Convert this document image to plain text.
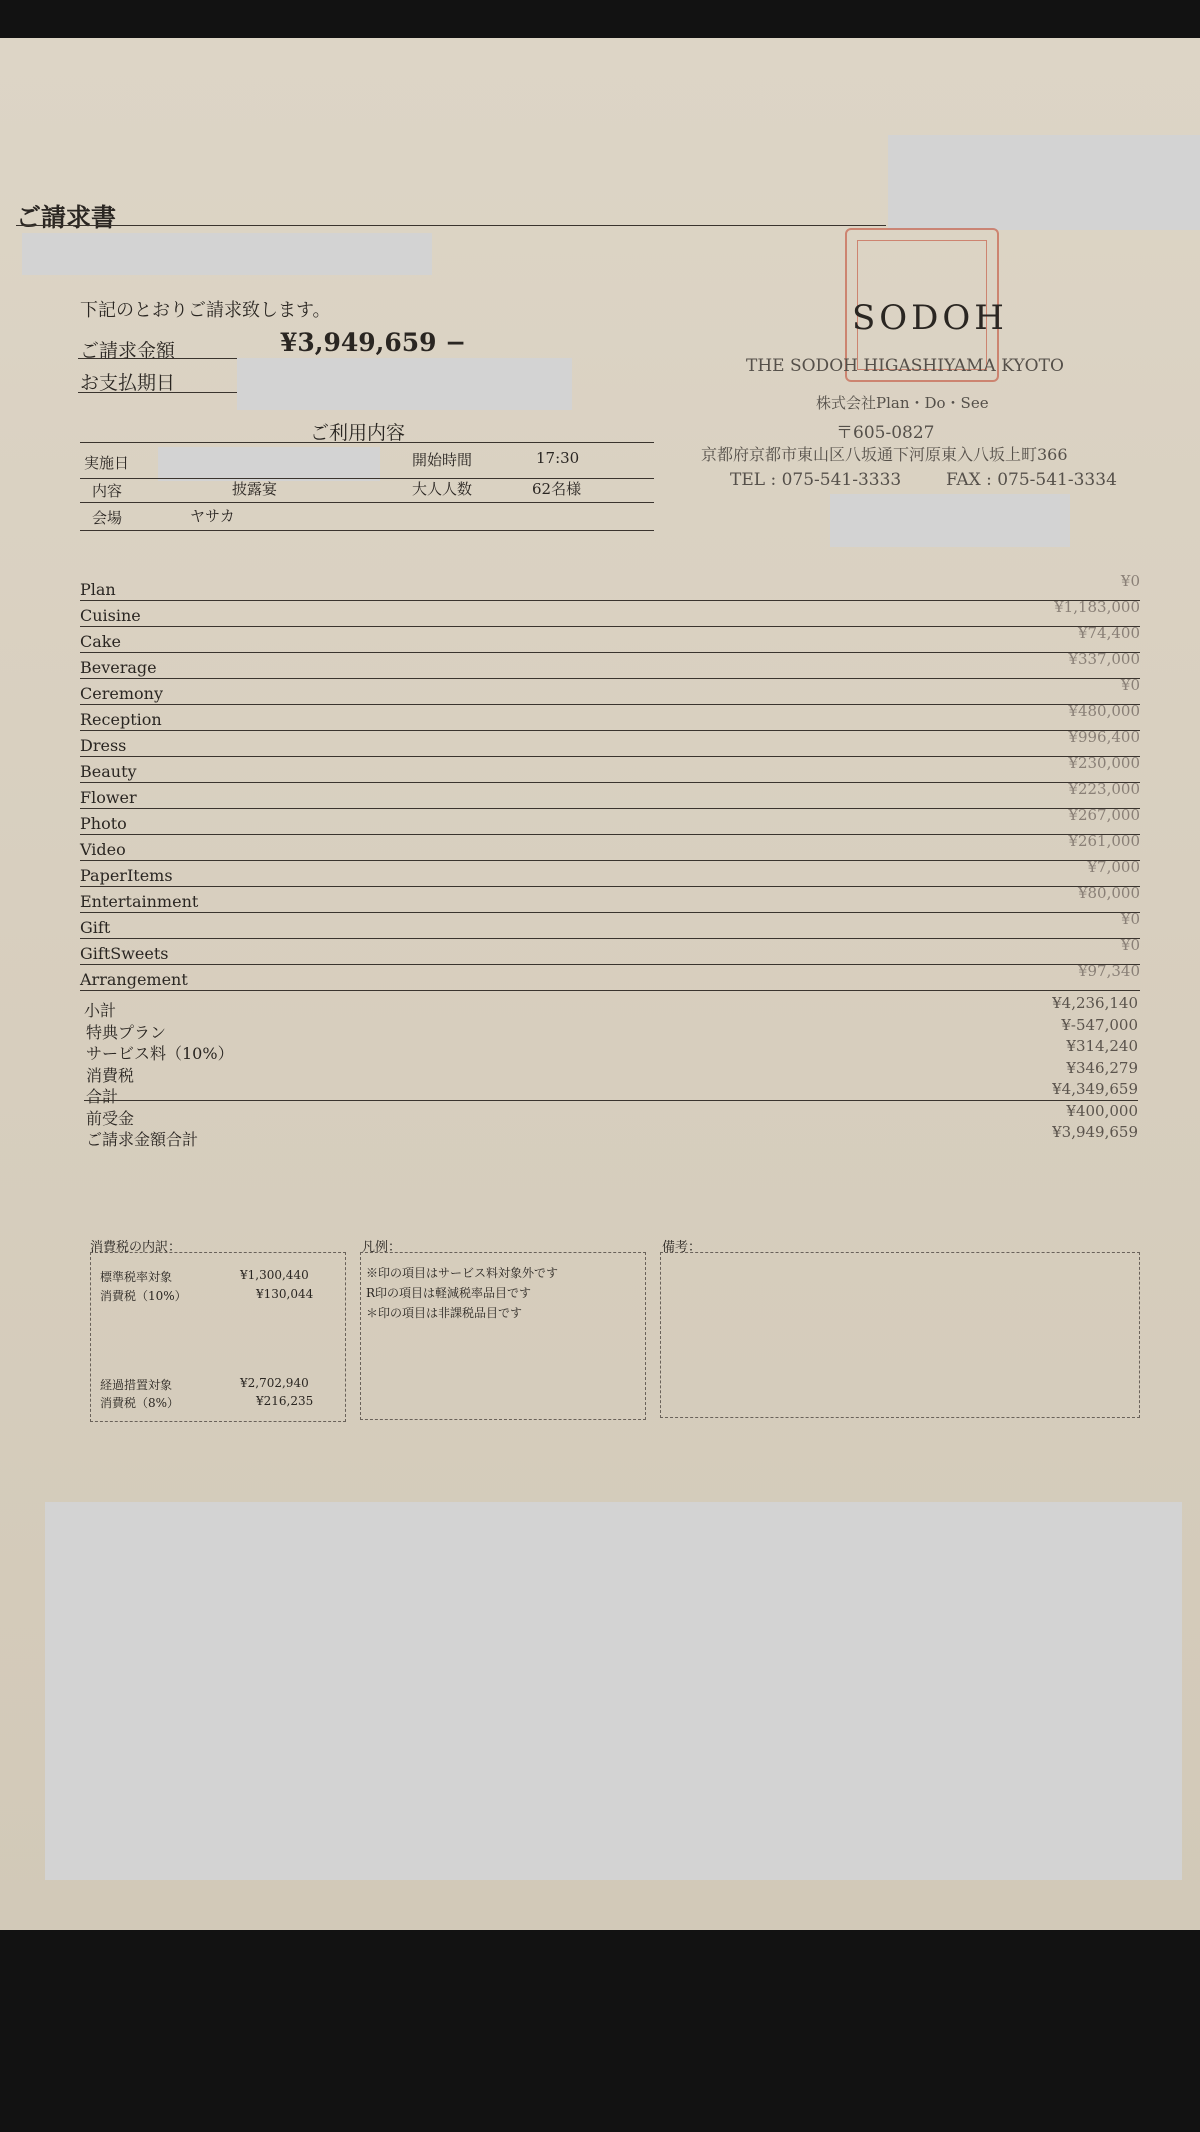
ご請求書
下記のとおりご請求致します。
ご請求金額	¥3,949,659 −
お支払期日
ご利用内容
実施日	開始時間	17:30
内容	披露宴	大人人数	62名様
会場	ヤサカ
SODOH
THE SODOH HIGASHIYAMA KYOTO
株式会社Plan・Do・See
〒605-0827
京都府京都市東山区八坂通下河原東入八坂上町366
TEL : 075-541-3333	FAX : 075-541-3334
Plan	¥0
Cuisine	¥1,183,000
Cake	¥74,400
Beverage	¥337,000
Ceremony	¥0
Reception	¥480,000
Dress	¥996,400
Beauty	¥230,000
Flower	¥223,000
Photo	¥267,000
Video	¥261,000
PaperItems	¥7,000
Entertainment	¥80,000
Gift	¥0
GiftSweets	¥0
Arrangement	¥97,340
小計	¥4,236,140
特典プラン	¥-547,000
サービス料（10%）	¥314,240
消費税	¥346,279
合計	¥4,349,659
前受金	¥400,000
ご請求金額合計	¥3,949,659
消費税の内訳：
標準税率対象	¥1,300,440
消費税（10%）	¥130,044
経過措置対象	¥2,702,940
消費税（8%）	¥216,235
凡例：
※印の項目はサービス料対象外です
R印の項目は軽減税率品目です
＊印の項目は非課税品目です
備考：
